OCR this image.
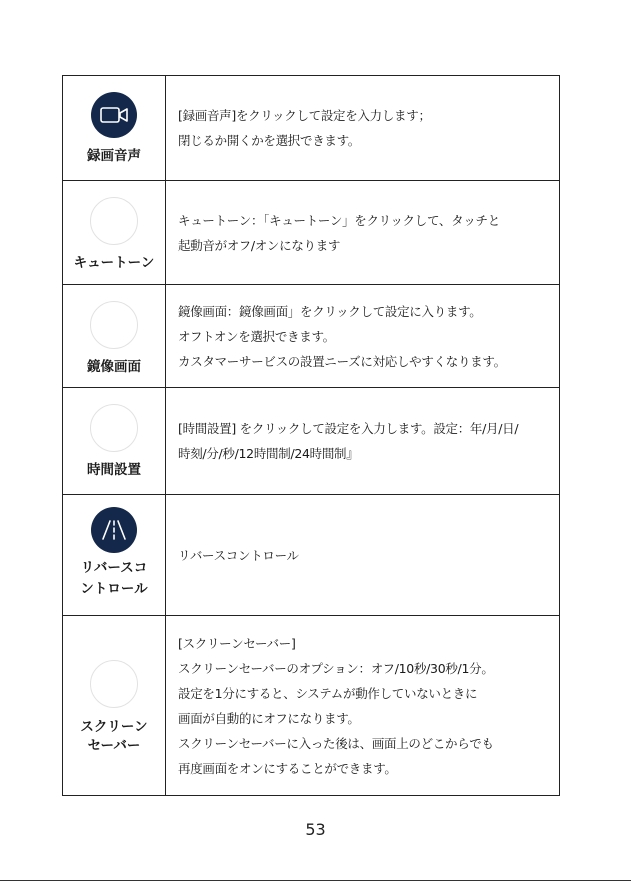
録画音声
[録画音声]をクリックして設定を入力します；
閉じるか開くかを選択できます。
キュートーン
キュートーン：「キュートーン」をクリックして、タッチと
起動音がオフ/オンになります
鏡像画面
鏡像画面：鏡像画面」をクリックして設定に入ります。
オフトオンを選択できます。
カスタマーサービスの設置ニーズに対応しやすくなります。
時間設置
[時間設置] をクリックして設定を入力します。設定：年/月/日/
時刻/分/秒/12時間制/24時間制』
リバースコ
ントロール
リバースコントロール
スクリーン
セーバー
[スクリーンセーバー]
スクリーンセーバーのオプション：オフ/10秒/30秒/1分。
設定を1分にすると、システムが動作していないときに
画面が自動的にオフになります。
スクリーンセーバーに入った後は、画面上のどこからでも
再度画面をオンにすることができます。
53
